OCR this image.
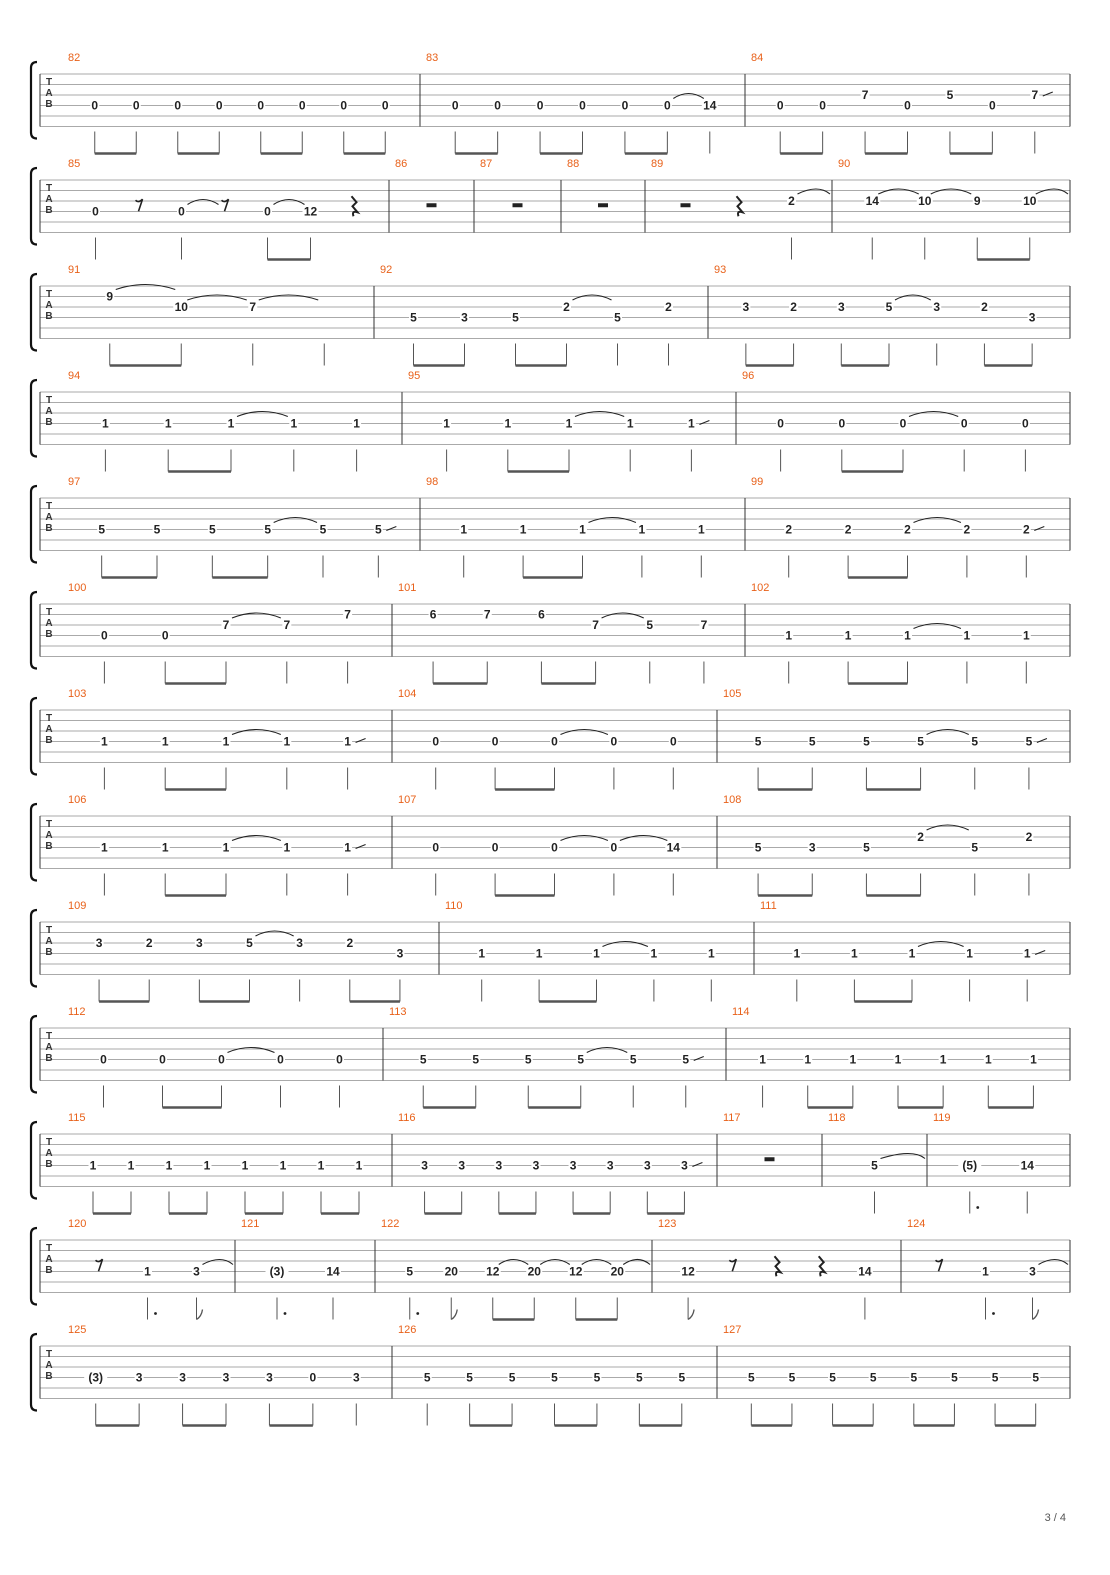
T
A
B
82
0	0	0	0	0	0	0	0
83
0	0	0	0	0	0	14
84
0	0
7
0
5
0
7
T
A
B
85
0	0	0	12
86	87	88	89
2
90
14	10	9	10
T
A
B
91
9
10	7
92
5	3	5
2
5
2
93
3	2	3	5	3	2
3
T
A
B
94
1	1	1	1	1
95
1	1	1	1	1
96
0	0	0	0	0
T
A
B
97
5	5	5	5	5	5
98
1	1	1	1	1
99
2	2	2	2	2
T
A
B
100
0	0
7	7
7
101
6	7	6
7	5	7
102
1	1	1	1	1
T
A
B
103
1	1	1	1	1
104
0	0	0	0	0
105
5	5	5	5	5	5
T
A
B
106
1	1	1	1	1
107
0	0	0	0	14
108
5	3	5
2
5
2
T
A
B
109
3	2	3	5	3	2
3
110
1	1	1	1	1
111
1	1	1	1	1
T
A
B
112
0	0	0	0	0
113
5	5	5	5	5	5
114
1	1	1	1	1	1	1
T
A
B
115
1	1	1	1	1	1	1	1
116
3	3	3	3	3	3	3	3
117	118
5
119
(5)	14
T
A
B
120
1	3
121
(3)	14
122
5	20 12 20 12 20
123
12	14
124
1	3
T
A
B
125
(3)	3	3	3	3	0	3
126
5	5	5	5	5	5	5
127
5	5	5	5	5	5	5	5
3 / 4
